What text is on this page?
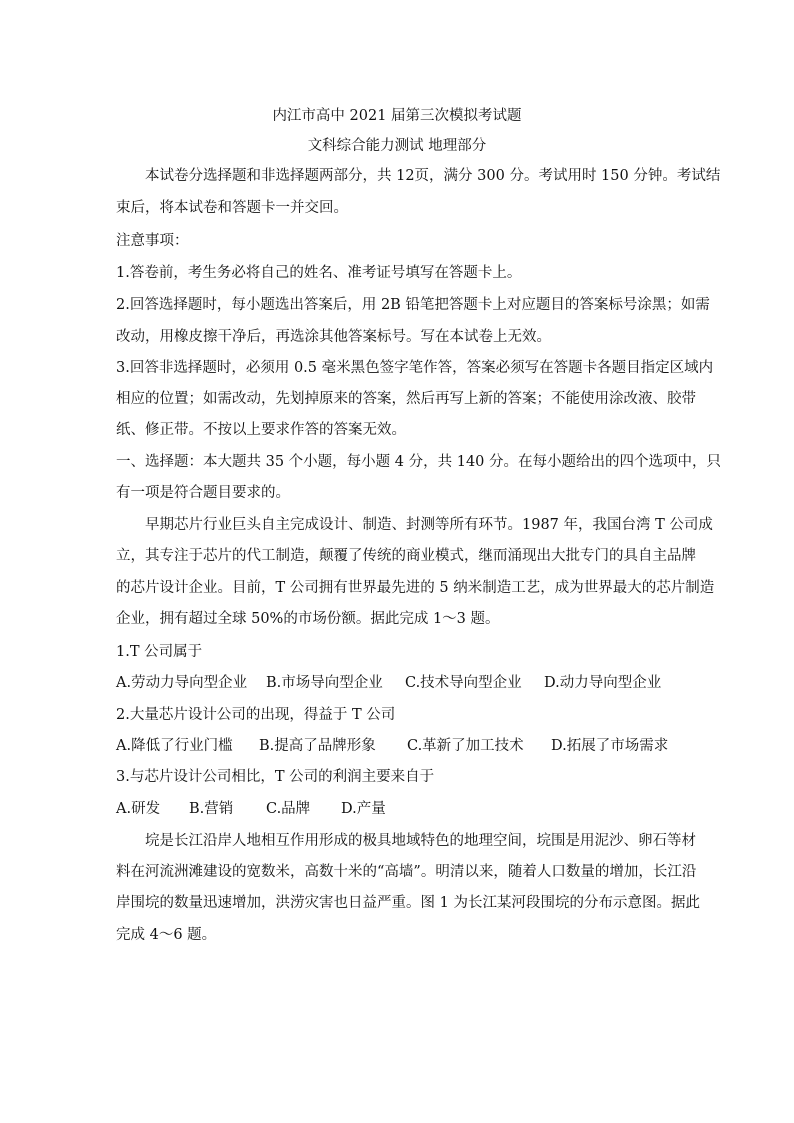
内江市高中 2021 届第三次模拟考试题
文科综合能力测试 地理部分
本试卷分选择题和非选择题两部分，共 12页，满分 300 分。考试用时 150 分钟。考试结
束后，将本试卷和答题卡一并交回。
注意事项：
1.答卷前，考生务必将自己的姓名、准考证号填写在答题卡上。
2.回答选择题时，每小题选出答案后，用 2B 铅笔把答题卡上对应题目的答案标号涂黑；如需
改动，用橡皮擦干净后，再选涂其他答案标号。写在本试卷上无效。
3.回答非选择题时，必须用 0.5 毫米黑色签字笔作答，答案必须写在答题卡各题目指定区域内
相应的位置；如需改动，先划掉原来的答案，然后再写上新的答案；不能使用涂改液、胶带
纸、修正带。不按以上要求作答的答案无效。
一、选择题：本大题共 35 个小题，每小题 4 分，共 140 分。在每小题给出的四个选项中，只
有一项是符合题目要求的。
早期芯片行业巨头自主完成设计、制造、封测等所有环节。1987 年，我国台湾 T 公司成
立，其专注于芯片的代工制造，颠覆了传统的商业模式，继而涌现出大批专门的具自主品牌
的芯片设计企业。目前，T 公司拥有世界最先进的 5 纳米制造工艺，成为世界最大的芯片制造
企业，拥有超过全球 50%的市场份额。据此完成 1～3 题。
1.T 公司属于
A.劳动力导向型企业 B.市场导向型企业 C.技术导向型企业 D.动力导向型企业
2.大量芯片设计公司的出现，得益于 T 公司
A.降低了行业门槛 B.提高了品牌形象 C.革新了加工技术 D.拓展了市场需求
3.与芯片设计公司相比，T 公司的利润主要来自于
A.研发 B.营销 C.品牌 D.产量
垸是长江沿岸人地相互作用形成的极具地域特色的地理空间，垸围是用泥沙、卵石等材
料在河流洲滩建设的宽数米，高数十米的“高墙”。明清以来，随着人口数量的增加，长江沿
岸围垸的数量迅速增加，洪涝灾害也日益严重。图 1 为长江某河段围垸的分布示意图。据此
完成 4～6 题。
